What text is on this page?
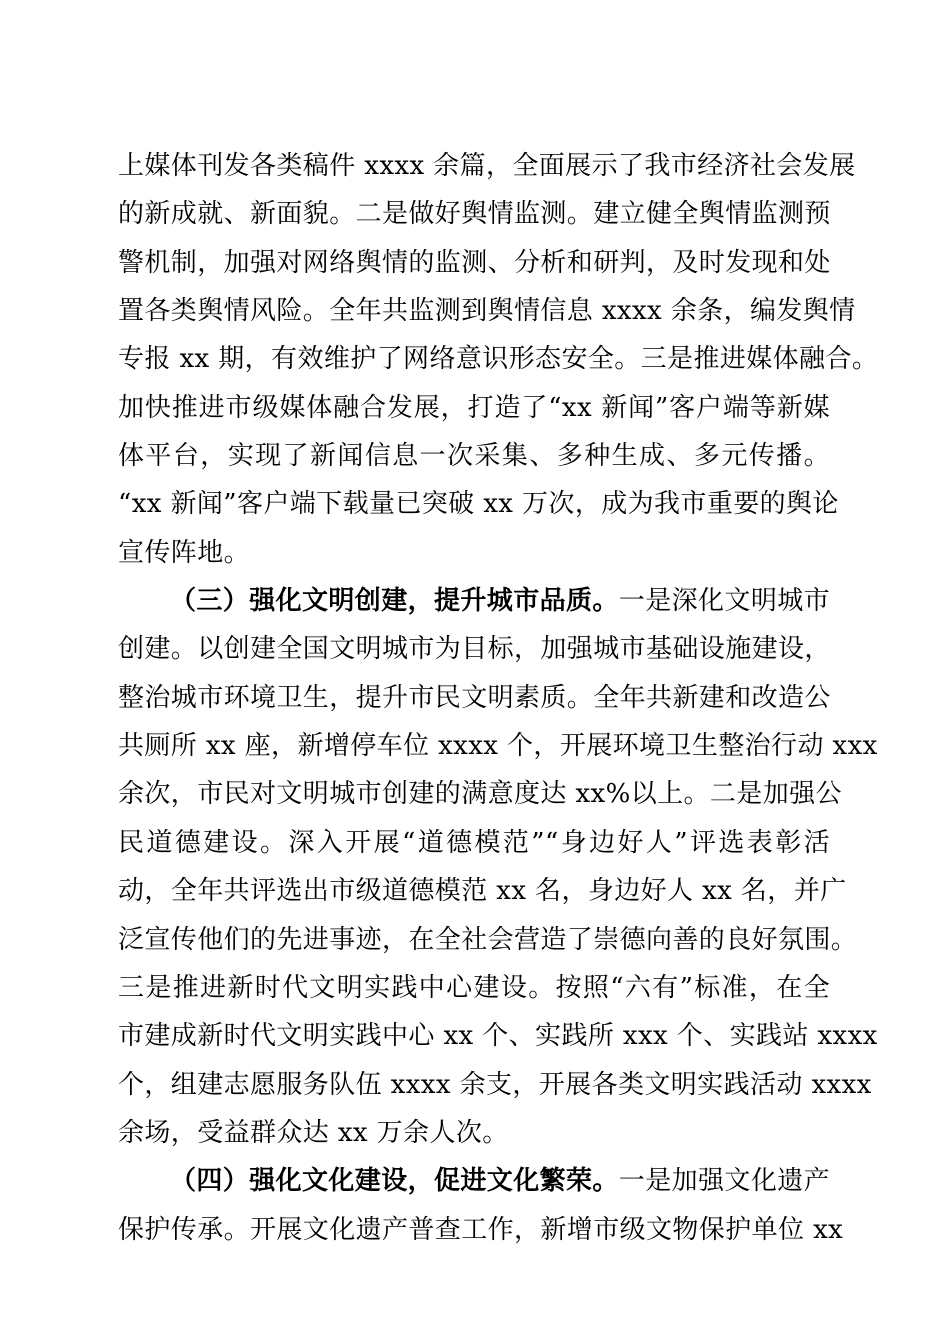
上媒体刊发各类稿件 xxxx 余篇，全面展示了我市经济社会发展
的新成就、新面貌。二是做好舆情监测。建立健全舆情监测预
警机制，加强对网络舆情的监测、分析和研判，及时发现和处
置各类舆情风险。全年共监测到舆情信息 xxxx 余条，编发舆情
专报 xx 期，有效维护了网络意识形态安全。三是推进媒体融合。
加快推进市级媒体融合发展，打造了“xx 新闻”客户端等新媒
体平台，实现了新闻信息一次采集、多种生成、多元传播。
“xx 新闻”客户端下载量已突破 xx 万次，成为我市重要的舆论
宣传阵地。
（三）强化文明创建，提升城市品质。一是深化文明城市
创建。以创建全国文明城市为目标，加强城市基础设施建设，
整治城市环境卫生，提升市民文明素质。全年共新建和改造公
共厕所 xx 座，新增停车位 xxxx 个，开展环境卫生整治行动 xxx
余次，市民对文明城市创建的满意度达 xx%以上。二是加强公
民道德建设。深入开展“道德模范”“身边好人”评选表彰活
动，全年共评选出市级道德模范 xx 名，身边好人 xx 名，并广
泛宣传他们的先进事迹，在全社会营造了崇德向善的良好氛围。
三是推进新时代文明实践中心建设。按照“六有”标准，在全
市建成新时代文明实践中心 xx 个、实践所 xxx 个、实践站 xxxx
个，组建志愿服务队伍 xxxx 余支，开展各类文明实践活动 xxxx
余场，受益群众达 xx 万余人次。
（四）强化文化建设，促进文化繁荣。一是加强文化遗产
保护传承。开展文化遗产普查工作，新增市级文物保护单位 xx
